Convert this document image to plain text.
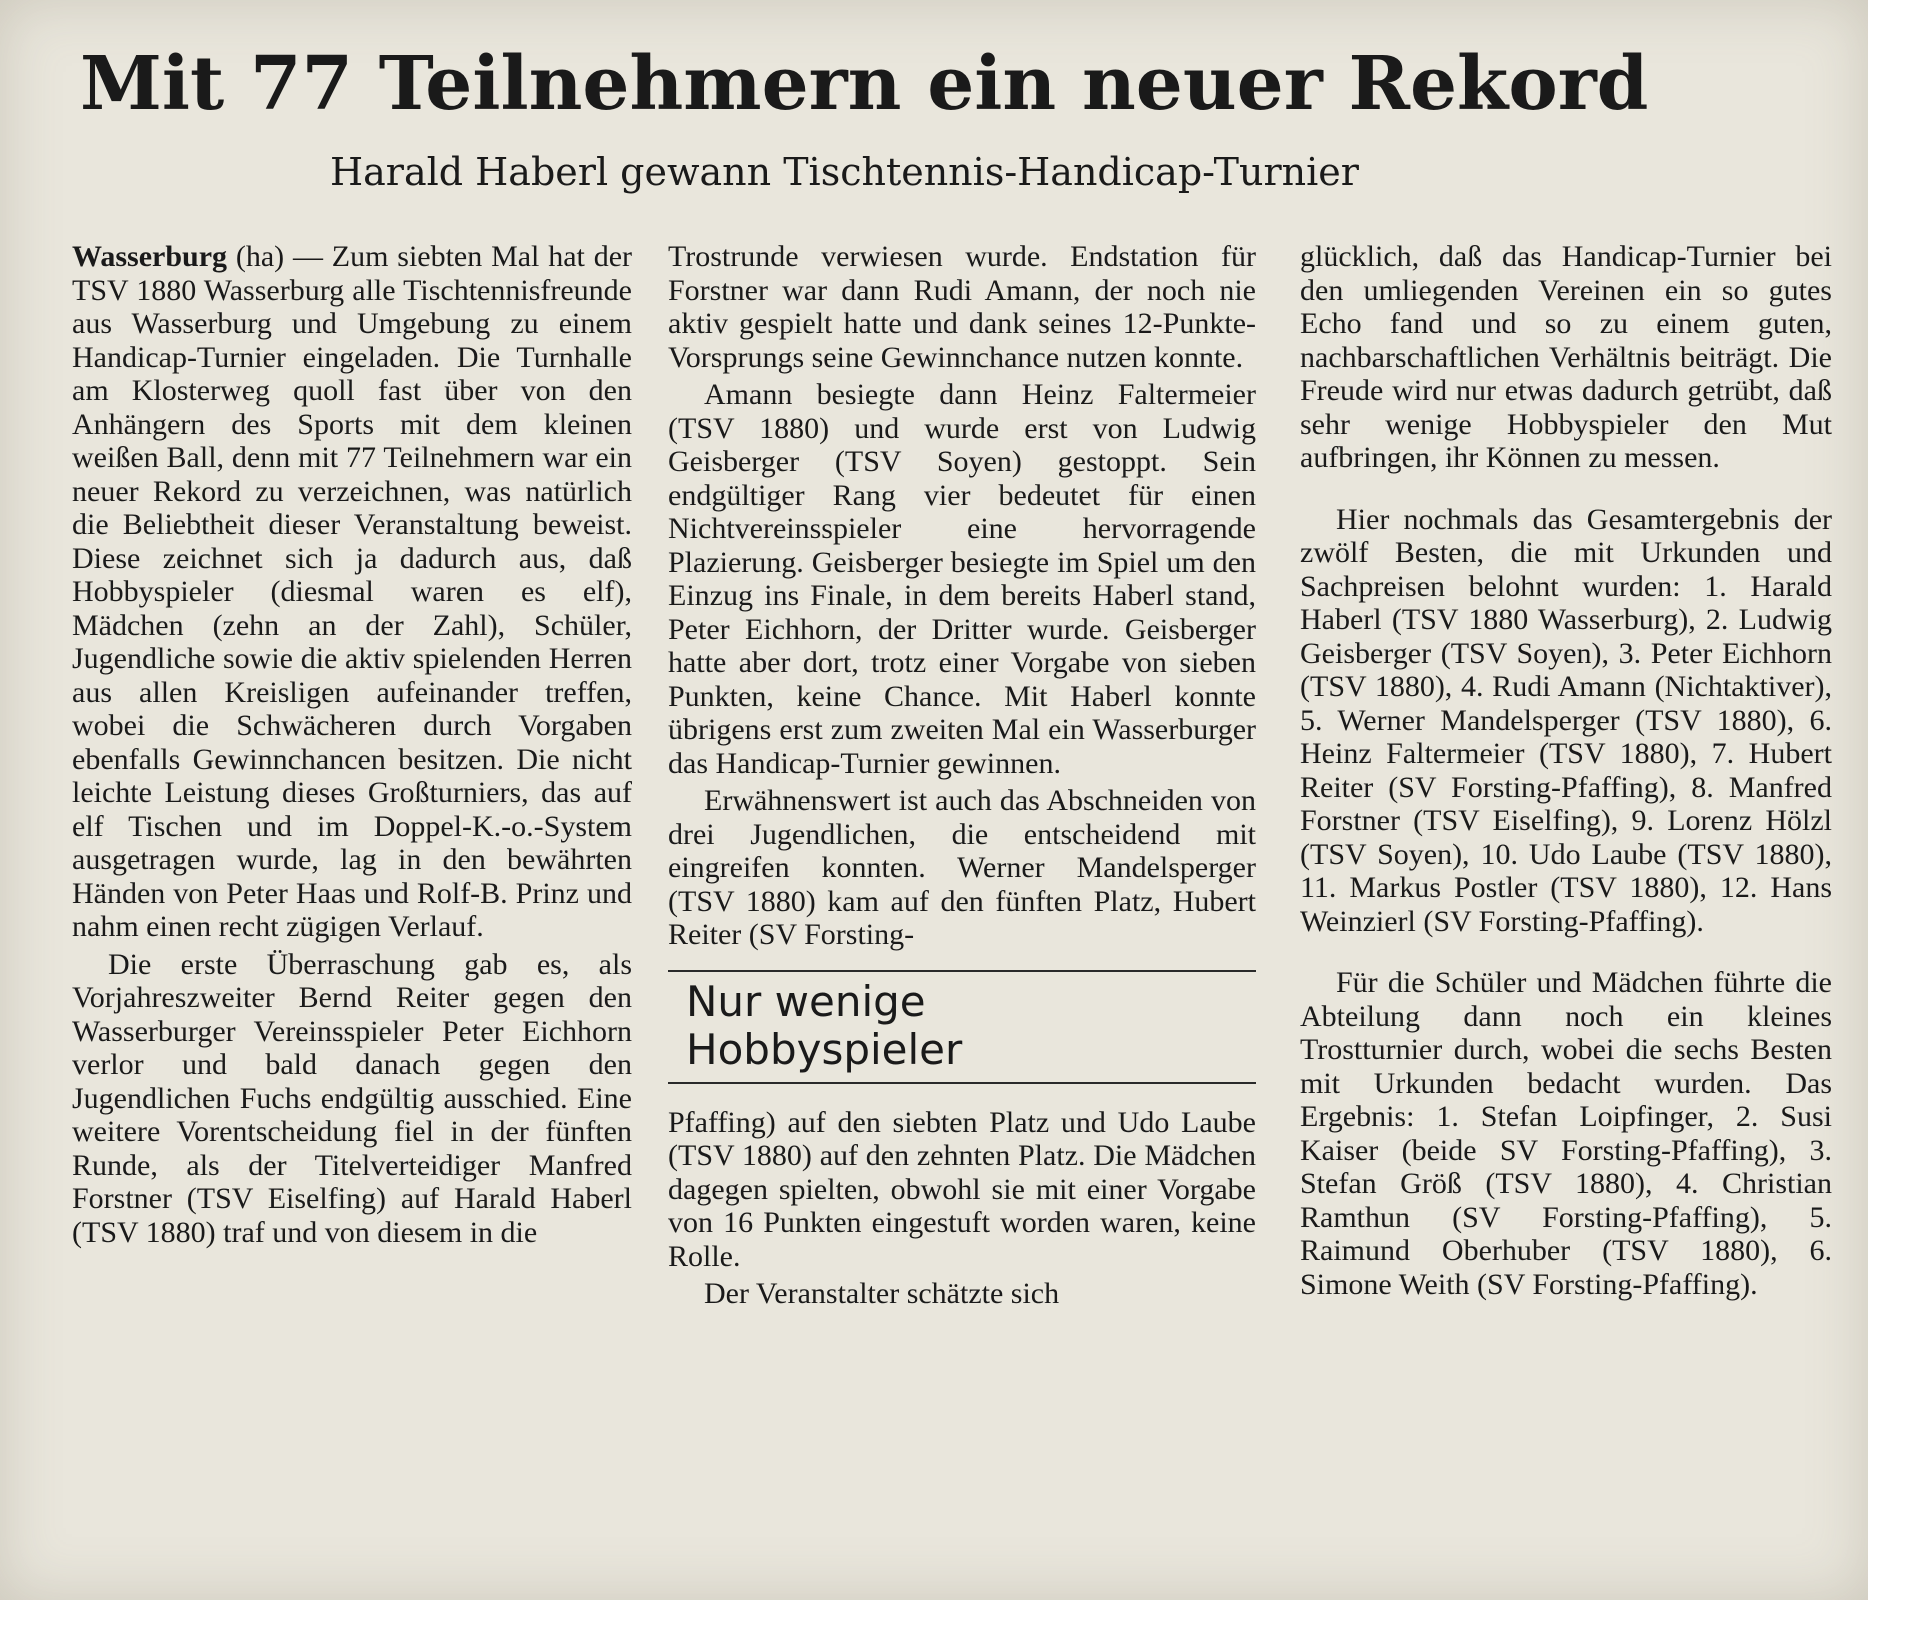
Mit 77 Teilnehmern ein neuer Rekord
Harald Haberl gewann Tischtennis-Handicap-Turnier

Wasserburg (ha) — Zum siebten Mal hat der TSV 1880 Wasserburg alle Tischtennisfreunde aus Wasserburg und Umgebung zu einem Handicap-Turnier eingeladen. Die Turnhalle am Klosterweg quoll fast über von den Anhängern des Sports mit dem kleinen weißen Ball, denn mit 77 Teilnehmern war ein neuer Rekord zu verzeichnen, was natürlich die Beliebtheit dieser Veranstaltung beweist. Diese zeichnet sich ja dadurch aus, daß Hobbyspieler (diesmal waren es elf), Mädchen (zehn an der Zahl), Schüler, Jugendliche sowie die aktiv spielenden Herren aus allen Kreisligen aufeinander treffen, wobei die Schwächeren durch Vorgaben ebenfalls Gewinnchancen besitzen. Die nicht leichte Leistung dieses Großturniers, das auf elf Tischen und im Doppel-K.-o.-System ausgetragen wurde, lag in den bewährten Händen von Peter Haas und Rolf-B. Prinz und nahm einen recht zügigen Verlauf.

Die erste Überraschung gab es, als Vorjahreszweiter Bernd Reiter gegen den Wasserburger Vereinsspieler Peter Eichhorn verlor und bald danach gegen den Jugendlichen Fuchs endgültig ausschied. Eine weitere Vorentscheidung fiel in der fünften Runde, als der Titelverteidiger Manfred Forstner (TSV Eiselfing) auf Harald Haberl (TSV 1880) traf und von diesem in die

Trostrunde verwiesen wurde. Endstation für Forstner war dann Rudi Amann, der noch nie aktiv gespielt hatte und dank seines 12-Punkte-Vorsprungs seine Gewinnchance nutzen konnte.

Amann besiegte dann Heinz Faltermeier (TSV 1880) und wurde erst von Ludwig Geisberger (TSV Soyen) gestoppt. Sein endgültiger Rang vier bedeutet für einen Nichtvereinsspieler eine hervorragende Plazierung. Geisberger besiegte im Spiel um den Einzug ins Finale, in dem bereits Haberl stand, Peter Eichhorn, der Dritter wurde. Geisberger hatte aber dort, trotz einer Vorgabe von sieben Punkten, keine Chance. Mit Haberl konnte übrigens erst zum zweiten Mal ein Wasserburger das Handicap-Turnier gewinnen.

Erwähnenswert ist auch das Abschneiden von drei Jugendlichen, die entscheidend mit eingreifen konnten. Werner Mandelsperger (TSV 1880) kam auf den fünften Platz, Hubert Reiter (SV Forsting-

Nur wenige
Hobbyspieler

Pfaffing) auf den siebten Platz und Udo Laube (TSV 1880) auf den zehnten Platz. Die Mädchen dagegen spielten, obwohl sie mit einer Vorgabe von 16 Punkten eingestuft worden waren, keine Rolle.

Der Veranstalter schätzte sich

glücklich, daß das Handicap-Turnier bei den umliegenden Vereinen ein so gutes Echo fand und so zu einem guten, nachbarschaftlichen Verhältnis beiträgt. Die Freude wird nur etwas dadurch getrübt, daß sehr wenige Hobbyspieler den Mut aufbringen, ihr Können zu messen.

Hier nochmals das Gesamtergebnis der zwölf Besten, die mit Urkunden und Sachpreisen belohnt wurden: 1. Harald Haberl (TSV 1880 Wasserburg), 2. Ludwig Geisberger (TSV Soyen), 3. Peter Eichhorn (TSV 1880), 4. Rudi Amann (Nichtaktiver), 5. Werner Mandelsperger (TSV 1880), 6. Heinz Faltermeier (TSV 1880), 7. Hubert Reiter (SV Forsting-Pfaffing), 8. Manfred Forstner (TSV Eiselfing), 9. Lorenz Hölzl (TSV Soyen), 10. Udo Laube (TSV 1880), 11. Markus Postler (TSV 1880), 12. Hans Weinzierl (SV Forsting-Pfaffing).

Für die Schüler und Mädchen führte die Abteilung dann noch ein kleines Trostturnier durch, wobei die sechs Besten mit Urkunden bedacht wurden. Das Ergebnis: 1. Stefan Loipfinger, 2. Susi Kaiser (beide SV Forsting-Pfaffing), 3. Stefan Größ (TSV 1880), 4. Christian Ramthun (SV Forsting-Pfaffing), 5. Raimund Oberhuber (TSV 1880), 6. Simone Weith (SV Forsting-Pfaffing).
